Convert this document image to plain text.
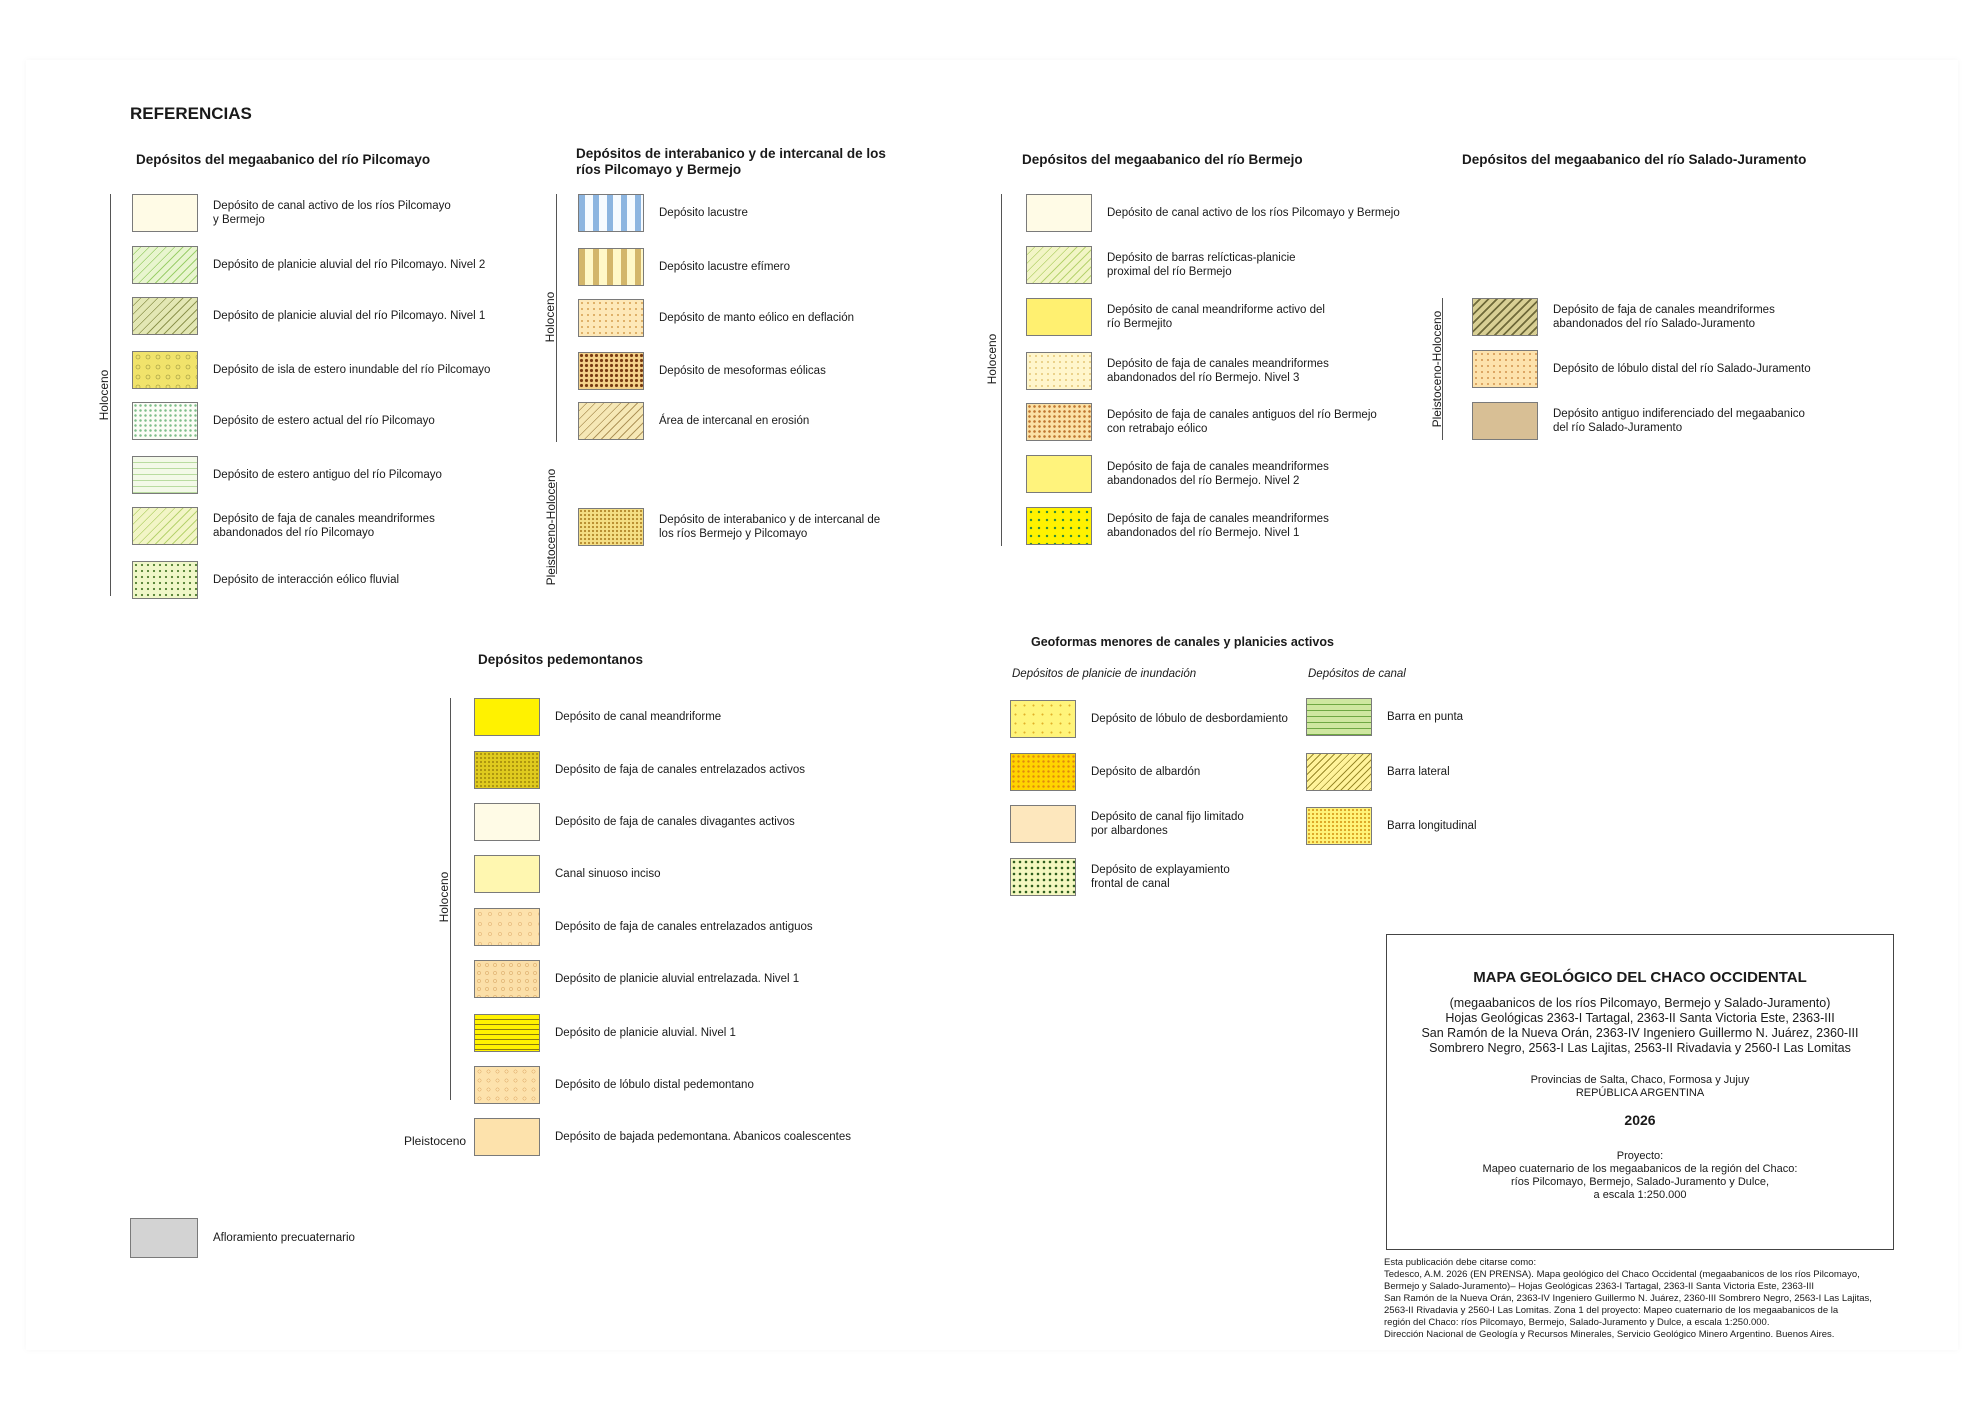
REFERENCIAS
Depósitos del megaabanico del río Pilcomayo
Holoceno
Depósito de canal activo de los ríos Pilcomayo
y Bermejo
Depósito de planicie aluvial del río Pilcomayo. Nivel 2
Depósito de planicie aluvial del río Pilcomayo. Nivel 1
Depósito de isla de estero inundable del río Pilcomayo
Depósito de estero actual del río Pilcomayo
Depósito de estero antiguo del río Pilcomayo
Depósito de faja de canales meandriformes
abandonados del río Pilcomayo
Depósito de interacción eólico fluvial
Depósitos de interabanico y de intercanal de los
ríos Pilcomayo y Bermejo
Holoceno
Pleistoceno-Holoceno
Depósito lacustre
Depósito lacustre efímero
Depósito de manto eólico en deflación
Depósito de mesoformas eólicas
Área de intercanal en erosión
Depósito de interabanico y de intercanal de
los ríos Bermejo y Pilcomayo
Depósitos del megaabanico del río Bermejo
Holoceno
Depósito de canal activo de los ríos Pilcomayo y Bermejo
Depósito de barras relícticas-planicie
proximal del río Bermejo
Depósito de canal meandriforme activo del
río Bermejito
Depósito de faja de canales meandriformes
abandonados del río Bermejo. Nivel 3
Depósito de faja de canales antiguos del río Bermejo
con retrabajo eólico
Depósito de faja de canales meandriformes
abandonados del río Bermejo. Nivel 2
Depósito de faja de canales meandriformes
abandonados del río Bermejo. Nivel 1
Depósitos del megaabanico del río Salado-Juramento
Pleistoceno-Holoceno
Depósito de faja de canales meandriformes
abandonados del río Salado-Juramento
Depósito de lóbulo distal del río Salado-Juramento
Depósito antiguo indiferenciado del megaabanico
del río Salado-Juramento
Depósitos pedemontanos
Holoceno
Pleistoceno
Depósito de canal meandriforme
Depósito de faja de canales entrelazados activos
Depósito de faja de canales divagantes activos
Canal sinuoso inciso
Depósito de faja de canales entrelazados antiguos
Depósito de planicie aluvial entrelazada. Nivel 1
Depósito de planicie aluvial. Nivel 1
Depósito de lóbulo distal pedemontano
Depósito de bajada pedemontana. Abanicos coalescentes
Geoformas menores de canales y planicies activos
Depósitos de planicie de inundación	Depósitos de canal
Depósito de lóbulo de desbordamiento
Depósito de albardón
Depósito de canal fijo limitado
por albardones
Depósito de explayamiento
frontal de canal
Barra en punta
Barra lateral
Barra longitudinal
Afloramiento precuaternario
MAPA GEOLÓGICO DEL CHACO OCCIDENTAL
(megaabanicos de los ríos Pilcomayo, Bermejo y Salado-Juramento)
Hojas Geológicas 2363-I Tartagal, 2363-II Santa Victoria Este, 2363-III
San Ramón de la Nueva Orán, 2363-IV Ingeniero Guillermo N. Juárez, 2360-III
Sombrero Negro, 2563-I Las Lajitas, 2563-II Rivadavia y 2560-I Las Lomitas
Provincias de Salta, Chaco, Formosa y Jujuy
REPÚBLICA ARGENTINA
2026
Proyecto:
Mapeo cuaternario de los megaabanicos de la región del Chaco:
ríos Pilcomayo, Bermejo, Salado-Juramento y Dulce,
a escala 1:250.000
Esta publicación debe citarse como:
Tedesco, A.M. 2026 (EN PRENSA). Mapa geológico del Chaco Occidental (megaabanicos de los ríos Pilcomayo,
Bermejo y Salado-Juramento)– Hojas Geológicas 2363-I Tartagal, 2363-II Santa Victoria Este, 2363-III
San Ramón de la Nueva Orán, 2363-IV Ingeniero Guillermo N. Juárez, 2360-III Sombrero Negro, 2563-I Las Lajitas,
2563-II Rivadavia y 2560-I Las Lomitas. Zona 1 del proyecto: Mapeo cuaternario de los megaabanicos de la
región del Chaco: ríos Pilcomayo, Bermejo, Salado-Juramento y Dulce, a escala 1:250.000.
Dirección Nacional de Geología y Recursos Minerales, Servicio Geológico Minero Argentino. Buenos Aires.
